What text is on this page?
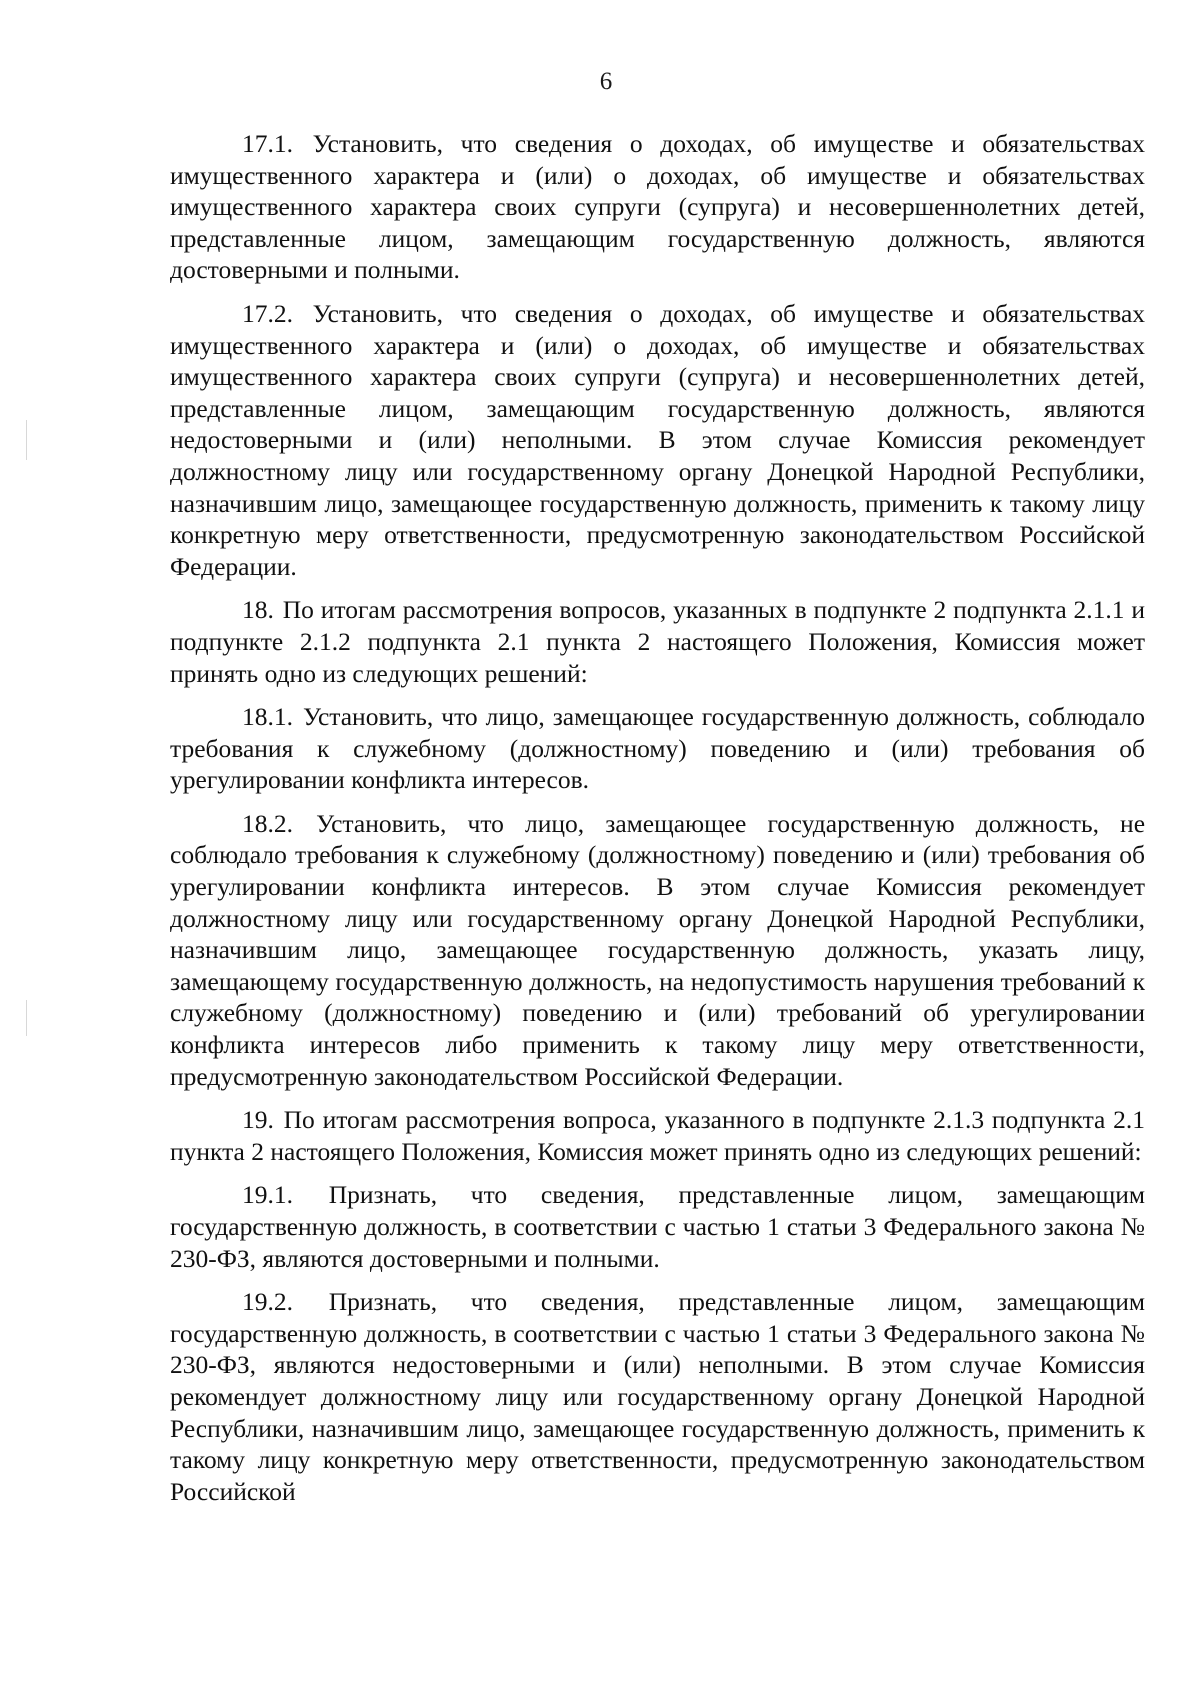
6

17.1. Установить, что сведения о доходах, об имуществе и обязательствах имущественного характера и (или) о доходах, об имуществе и обязательствах имущественного характера своих супруги (супруга) и несовершеннолетних детей, представленные лицом, замещающим государственную должность, являются достоверными и полными.

17.2. Установить, что сведения о доходах, об имуществе и обязательствах имущественного характера и (или) о доходах, об имуществе и обязательствах имущественного характера своих супруги (супруга) и несовершеннолетних детей, представленные лицом, замещающим государственную должность, являются недостоверными и (или) неполными. В этом случае Комиссия рекомендует должностному лицу или государственному органу Донецкой Народной Республики, назначившим лицо, замещающее государственную должность, применить к такому лицу конкретную меру ответственности, предусмотренную законодательством Российской Федерации.

18. По итогам рассмотрения вопросов, указанных в подпункте 2 подпункта 2.1.1 и подпункте 2.1.2 подпункта 2.1 пункта 2 настоящего Положения, Комиссия может принять одно из следующих решений:

18.1. Установить, что лицо, замещающее государственную должность, соблюдало требования к служебному (должностному) поведению и (или) требования об урегулировании конфликта интересов.

18.2. Установить, что лицо, замещающее государственную должность, не соблюдало требования к служебному (должностному) поведению и (или) требования об урегулировании конфликта интересов. В этом случае Комиссия рекомендует должностному лицу или государственному органу Донецкой Народной Республики, назначившим лицо, замещающее государственную должность, указать лицу, замещающему государственную должность, на недопустимость нарушения требований к служебному (должностному) поведению и (или) требований об урегулировании конфликта интересов либо применить к такому лицу меру ответственности, предусмотренную законодательством Российской Федерации.

19. По итогам рассмотрения вопроса, указанного в подпункте 2.1.3 подпункта 2.1 пункта 2 настоящего Положения, Комиссия может принять одно из следующих решений:

19.1. Признать, что сведения, представленные лицом, замещающим государственную должность, в соответствии с частью 1 статьи 3 Федерального закона № 230-ФЗ, являются достоверными и полными.

19.2. Признать, что сведения, представленные лицом, замещающим государственную должность, в соответствии с частью 1 статьи 3 Федерального закона № 230-ФЗ, являются недостоверными и (или) неполными. В этом случае Комиссия рекомендует должностному лицу или государственному органу Донецкой Народной Республики, назначившим лицо, замещающее государственную должность, применить к такому лицу конкретную меру ответственности, предусмотренную законодательством Российской
